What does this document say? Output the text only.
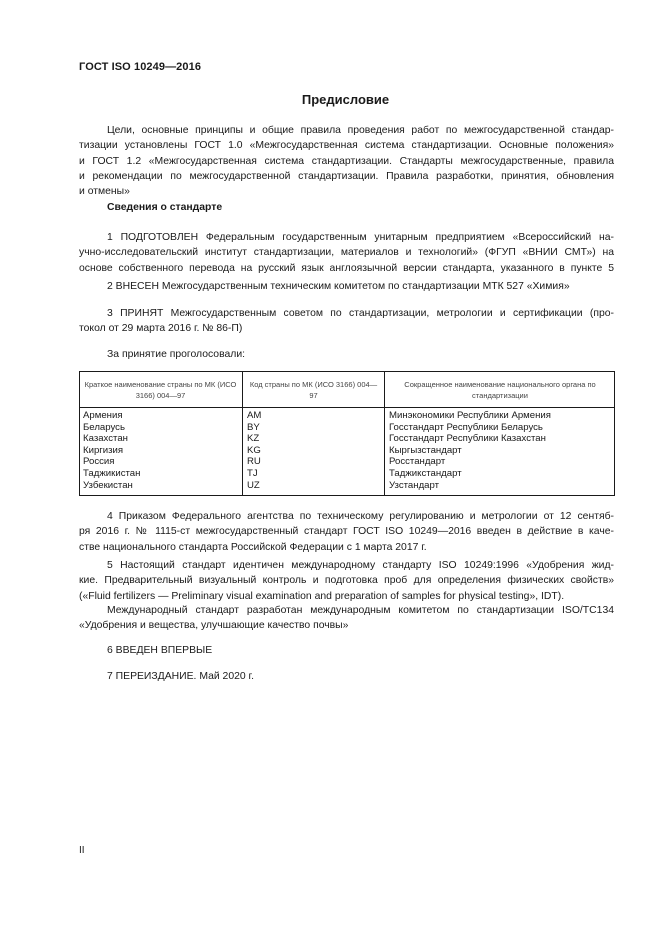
ГОСТ ISO 10249—2016
Предисловие
Цели, основные принципы и общие правила проведения работ по межгосударственной стандар-
тизации установлены ГОСТ 1.0 «Межгосударственная система стандартизации. Основные положения»
и ГОСТ 1.2 «Межгосударственная система стандартизации. Стандарты межгосударственные, правила
и рекомендации по межгосударственной стандартизации. Правила разработки, принятия, обновления
и отмены»
Сведения о стандарте
1 ПОДГОТОВЛЕН Федеральным государственным унитарным предприятием «Всероссийский на-
учно-исследовательский институт стандартизации, материалов и технологий» (ФГУП «ВНИИ СМТ») на
основе собственного перевода на русский язык англоязычной версии стандарта, указанного в пункте 5
2 ВНЕСЕН Межгосударственным техническим комитетом по стандартизации МТК 527 «Химия»
3 ПРИНЯТ Межгосударственным советом по стандартизации, метрологии и сертификации (про-
токол от 29 марта 2016 г. № 86-П)
За принятие проголосовали:
Краткое наименование страны по МК (ИСО 3166) 004—97	Код страны по МК (ИСО 3166) 004—97	Сокращенное наименование национального органа по стандартизации
Армения	AM	Минэкономики Республики Армения
Беларусь	BY	Госстандарт Республики Беларусь
Казахстан	KZ	Госстандарт Республики Казахстан
Киргизия	KG	Кыргызстандарт
Россия	RU	Росстандарт
Таджикистан	TJ	Таджикстандарт
Узбекистан	UZ	Узстандарт
4 Приказом Федерального агентства по техническому регулированию и метрологии от 12 сентяб-
ря 2016 г. № 1115-ст межгосударственный стандарт ГОСТ ISO 10249—2016 введен в действие в каче-
стве национального стандарта Российской Федерации с 1 марта 2017 г.
5 Настоящий стандарт идентичен международному стандарту ISO 10249:1996 «Удобрения жид-
кие. Предварительный визуальный контроль и подготовка проб для определения физических свойств»
(«Fluid fertilizers — Preliminary visual examination and preparation of samples for physical testing», IDT).
Международный стандарт разработан международным комитетом по стандартизации ISO/TC134
«Удобрения и вещества, улучшающие качество почвы»
6 ВВЕДЕН ВПЕРВЫЕ
7 ПЕРЕИЗДАНИЕ. Май 2020 г.
II
